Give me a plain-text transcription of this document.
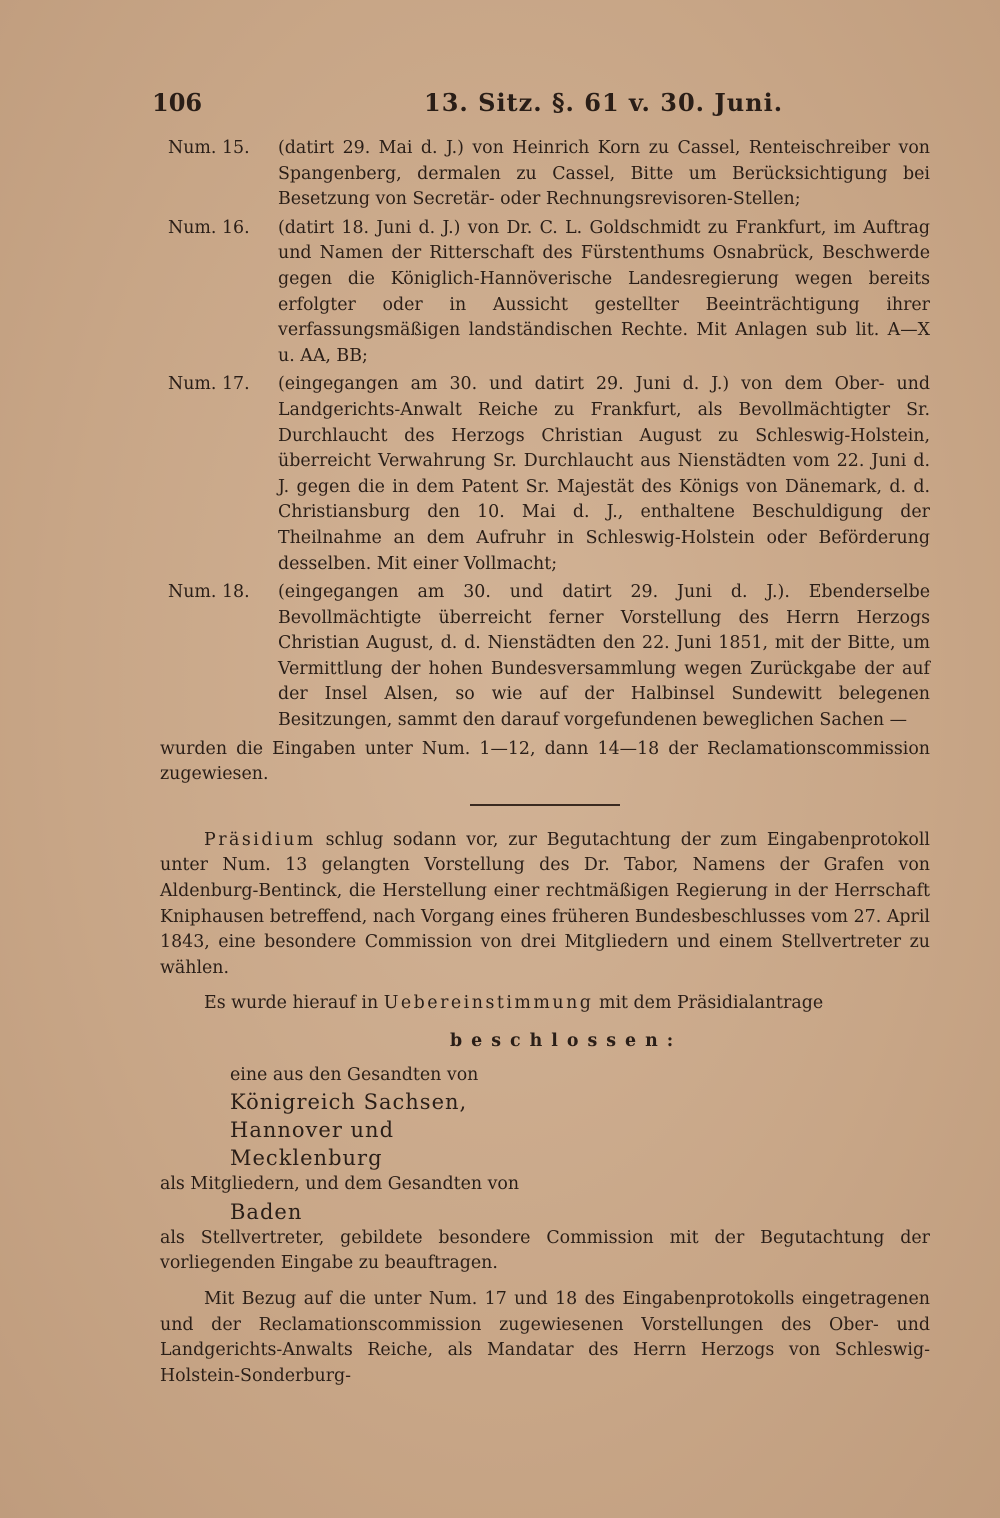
106	13. Sitz. §. 61 v. 30. Juni.
Num. 15. (datirt 29. Mai d. J.) von Heinrich Korn zu Cassel, Renteischreiber von Spangenberg, dermalen zu Cassel, Bitte um Berücksichtigung bei Besetzung von Secretär- oder Rechnungsrevisoren-Stellen;

Num. 16. (datirt 18. Juni d. J.) von Dr. C. L. Goldschmidt zu Frankfurt, im Auftrag und Namen der Ritterschaft des Fürstenthums Osnabrück, Beschwerde gegen die Königlich-Hannöverische Landesregierung wegen bereits erfolgter oder in Aussicht gestellter Beeinträchtigung ihrer verfassungsmäßigen landständischen Rechte. Mit Anlagen sub lit. A—X u. AA, BB;

Num. 17. (eingegangen am 30. und datirt 29. Juni d. J.) von dem Ober- und Landgerichts-Anwalt Reiche zu Frankfurt, als Bevollmächtigter Sr. Durchlaucht des Herzogs Christian August zu Schleswig-Holstein, überreicht Verwahrung Sr. Durchlaucht aus Nienstädten vom 22. Juni d. J. gegen die in dem Patent Sr. Majestät des Königs von Dänemark, d. d. Christiansburg den 10. Mai d. J., enthaltene Beschuldigung der Theilnahme an dem Aufruhr in Schleswig-Holstein oder Beförderung desselben. Mit einer Vollmacht;

Num. 18. (eingegangen am 30. und datirt 29. Juni d. J.). Ebenderselbe Bevollmächtigte überreicht ferner Vorstellung des Herrn Herzogs Christian August, d. d. Nienstädten den 22. Juni 1851, mit der Bitte, um Vermittlung der hohen Bundesversammlung wegen Zurückgabe der auf der Insel Alsen, so wie auf der Halbinsel Sundewitt belegenen Besitzungen, sammt den darauf vorgefundenen beweglichen Sachen —

wurden die Eingaben unter Num. 1—12, dann 14—18 der Reclamationscommission zugewiesen.

Präsidium schlug sodann vor, zur Begutachtung der zum Eingabenprotokoll unter Num. 13 gelangten Vorstellung des Dr. Tabor, Namens der Grafen von Aldenburg-Bentinck, die Herstellung einer rechtmäßigen Regierung in der Herrschaft Kniphausen betreffend, nach Vorgang eines früheren Bundesbeschlusses vom 27. April 1843, eine besondere Commission von drei Mitgliedern und einem Stellvertreter zu wählen.

Es wurde hierauf in Uebereinstimmung mit dem Präsidialantrage

beschlossen:

eine aus den Gesandten von

Königreich Sachsen,

Hannover und

Mecklenburg

als Mitgliedern, und dem Gesandten von

Baden

als Stellvertreter, gebildete besondere Commission mit der Begutachtung der vorliegenden Eingabe zu beauftragen.

Mit Bezug auf die unter Num. 17 und 18 des Eingabenprotokolls eingetragenen und der Reclamationscommission zugewiesenen Vorstellungen des Ober- und Landgerichts-Anwalts Reiche, als Mandatar des Herrn Herzogs von Schleswig-Holstein-Sonderburg-
